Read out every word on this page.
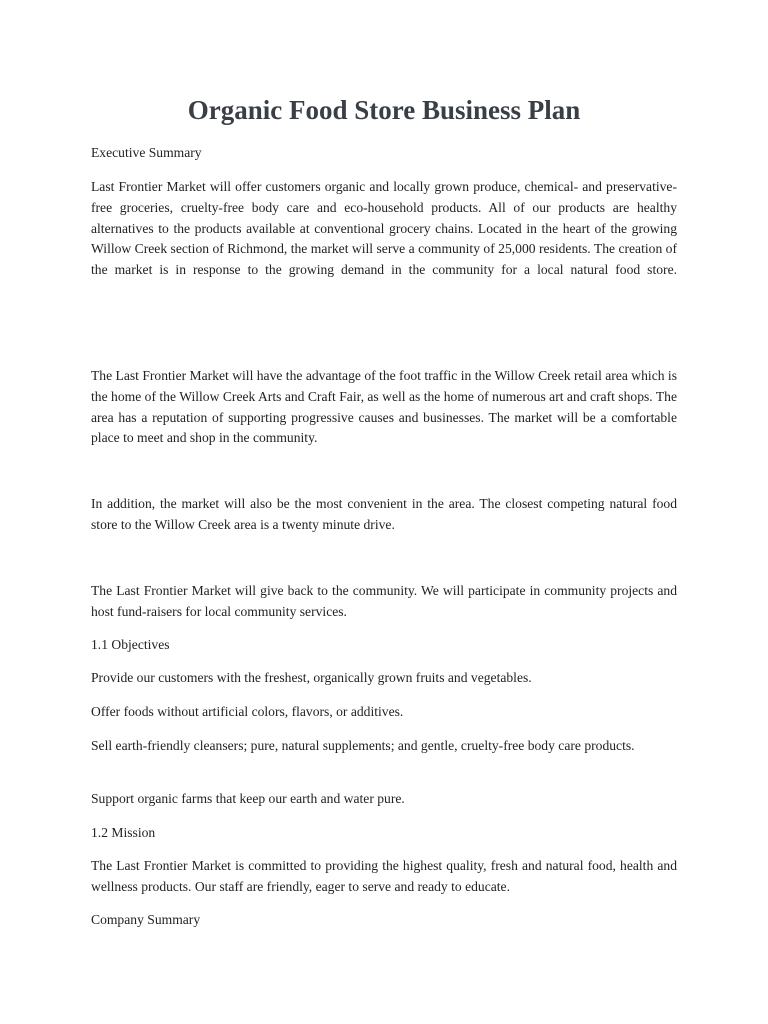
Organic Food Store Business Plan

Executive Summary

Last Frontier Market will offer customers organic and locally grown produce, chemical- and preservative-free groceries, cruelty-free body care and eco-household products. All of our products are healthy alternatives to the products available at conventional grocery chains. Located in the heart of the growing Willow Creek section of Richmond, the market will serve a community of 25,000 residents. The creation of the market is in response to the growing demand in the community for a local natural food store.

The Last Frontier Market will have the advantage of the foot traffic in the Willow Creek retail area which is the home of the Willow Creek Arts and Craft Fair, as well as the home of numerous art and craft shops. The area has a reputation of supporting progressive causes and businesses. The market will be a comfortable place to meet and shop in the community.

In addition, the market will also be the most convenient in the area. The closest competing natural food store to the Willow Creek area is a twenty minute drive.

The Last Frontier Market will give back to the community. We will participate in community projects and host fund-raisers for local community services.

1.1 Objectives

Provide our customers with the freshest, organically grown fruits and vegetables.

Offer foods without artificial colors, flavors, or additives.

Sell earth-friendly cleansers; pure, natural supplements; and gentle, cruelty-free body care products.

Support organic farms that keep our earth and water pure.

1.2 Mission

The Last Frontier Market is committed to providing the highest quality, fresh and natural food, health and wellness products. Our staff are friendly, eager to serve and ready to educate.

Company Summary
